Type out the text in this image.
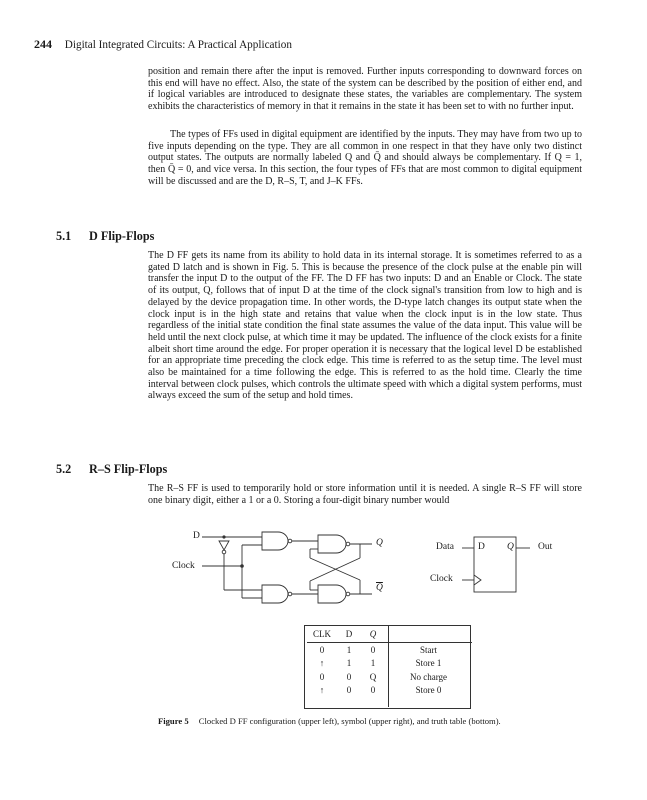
244 Digital Integrated Circuits: A Practical Application

position and remain there after the input is removed. Further inputs corresponding to downward forces on this end will have no effect. Also, the state of the system can be described by the position of either end, and if logical variables are introduced to designate these states, the variables are complementary. The system exhibits the characteristics of memory in that it remains in the state it has been set to with no further input.

The types of FFs used in digital equipment are identified by the inputs. They may have from two up to five inputs depending on the type. They are all common in one respect in that they have only two distinct output states. The outputs are normally labeled Q and Q̄ and should always be complementary. If Q = 1, then Q̄ = 0, and vice versa. In this section, the four types of FFs that are most common to digital equipment will be discussed and are the D, R–S, T, and J–K FFs.

5.1 D Flip-Flops

The D FF gets its name from its ability to hold data in its internal storage. It is sometimes referred to as a gated D latch and is shown in Fig. 5. This is because the presence of the clock pulse at the enable pin will transfer the input D to the output of the FF. The D FF has two inputs: D and an Enable or Clock. The state of its output, Q, follows that of input D at the time of the clock signal's transition from low to high and is delayed by the device propagation time. In other words, the D-type latch changes its output state when the clock input is in the high state and retains that value when the clock input is in the low state. Thus regardless of the initial state condition the final state assumes the value of the data input. This value will be held until the next clock pulse, at which time it may be updated. The influence of the clock exists for a finite albeit short time around the edge. For proper operation it is necessary that the logical level D be established for an appropriate time preceding the clock edge. This time is referred to as the setup time. The level must also be maintained for a time following the edge. This is referred to as the hold time. Clearly the time interval between clock pulses, which controls the ultimate speed with which a digital system performs, must always exceed the sum of the setup and hold times.

5.2 R–S Flip-Flops

The R–S FF is used to temporarily hold or store information until it is needed. A single R–S FF will store one binary digit, either a 1 or a 0. Storing a four-digit binary number would

D
Clock
Q
$\overline{Q}$
Data	D Q	Out
Clock
CLK	D	Q	
0	1	0	Start
↑	1	1	Store 1
0	0	Q	No charge
↑	0	0	Store 0
Figure 5 Clocked D FF configuration (upper left), symbol (upper right), and truth table (bottom).
